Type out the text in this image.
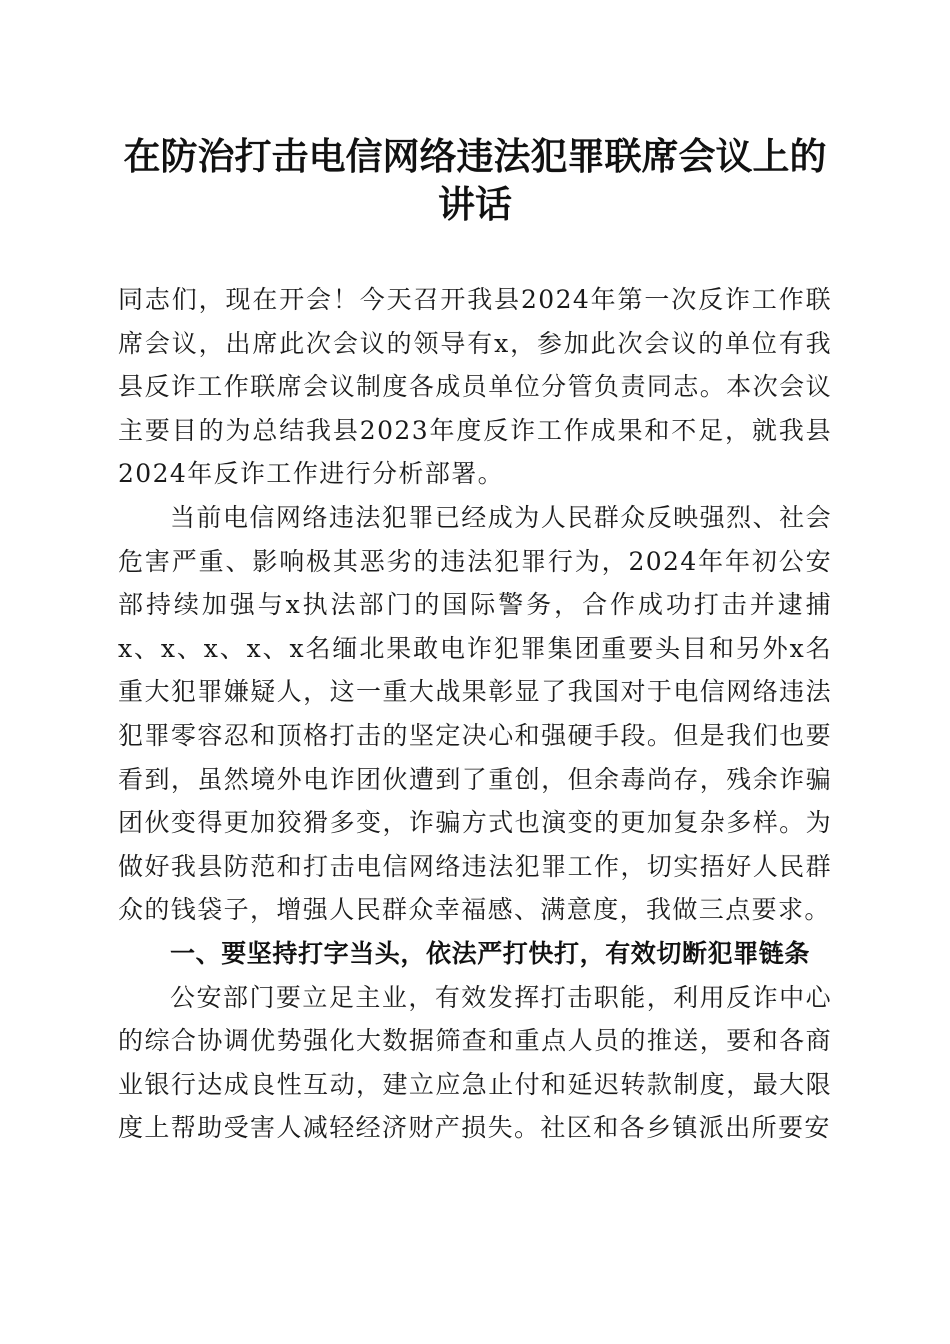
在防治打击电信网络违法犯罪联席会议上的讲话

同志们，现在开会！今天召开我县2024年第一次反诈工作联席会议，出席此次会议的领导有x，参加此次会议的单位有我县反诈工作联席会议制度各成员单位分管负责同志。本次会议主要目的为总结我县2023年度反诈工作成果和不足，就我县2024年反诈工作进行分析部署。

当前电信网络违法犯罪已经成为人民群众反映强烈、社会危害严重、影响极其恶劣的违法犯罪行为，2024年年初公安部持续加强与x执法部门的国际警务，合作成功打击并逮捕x、x、x、x、x名缅北果敢电诈犯罪集团重要头目和另外x名重大犯罪嫌疑人，这一重大战果彰显了我国对于电信网络违法犯罪零容忍和顶格打击的坚定决心和强硬手段。但是我们也要看到，虽然境外电诈团伙遭到了重创，但余毒尚存，残余诈骗团伙变得更加狡猾多变，诈骗方式也演变的更加复杂多样。为做好我县防范和打击电信网络违法犯罪工作，切实捂好人民群众的钱袋子，增强人民群众幸福感、满意度，我做三点要求。

一、要坚持打字当头，依法严打快打，有效切断犯罪链条

公安部门要立足主业，有效发挥打击职能，利用反诈中心的综合协调优势强化大数据筛查和重点人员的推送，要和各商业银行达成良性互动，建立应急止付和延迟转款制度，最大限度上帮助受害人减轻经济财产损失。社区和各乡镇派出所要安
